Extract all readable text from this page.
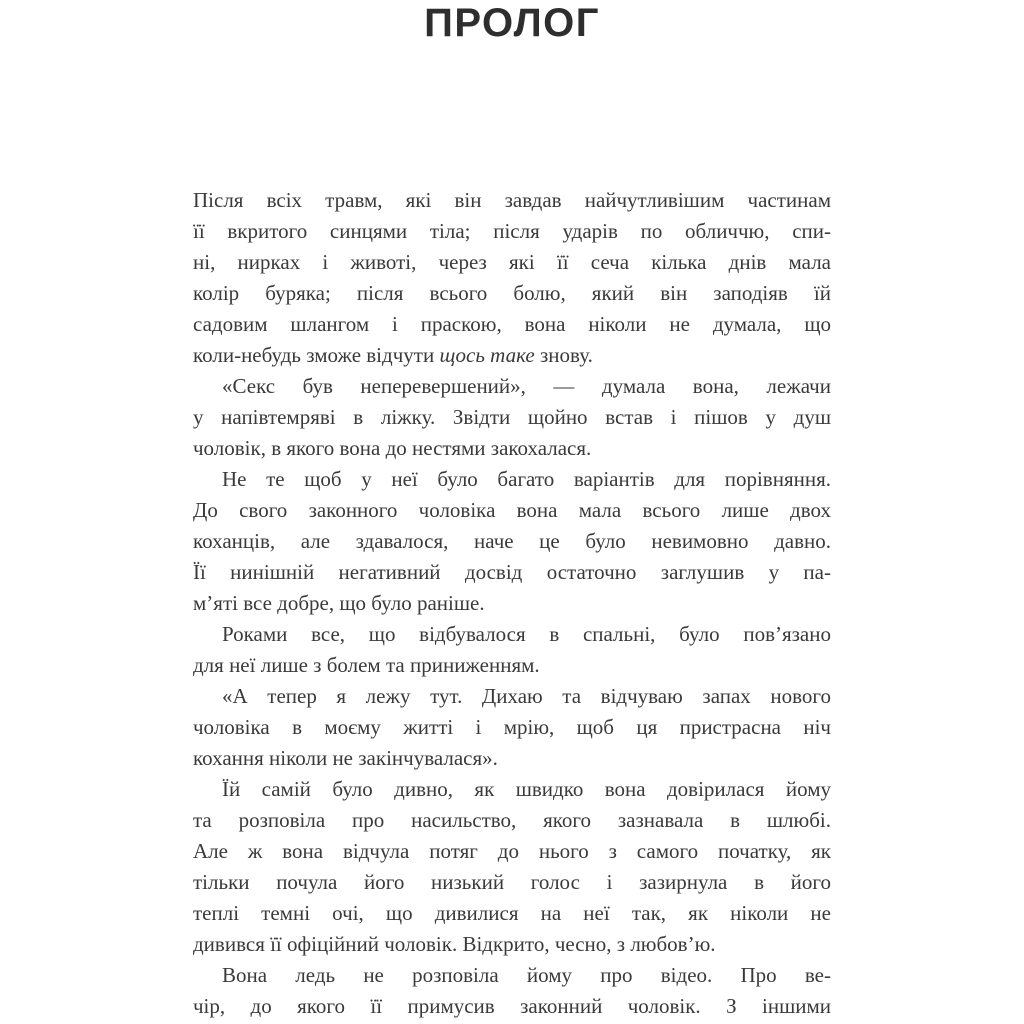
ПРОЛОГ
Після всіх травм, які він завдав найчутливішим частинам
її вкритого синцями тіла; після ударів по обличчю, спи-
ні, нирках і животі, через які її сеча кілька днів мала
колір буряка; після всього болю, який він заподіяв їй
садовим шлангом і праскою, вона ніколи не думала, що
коли-небудь зможе відчути щось таке знову.
«Секс був неперевершений», — думала вона, лежачи
у напівтемряві в ліжку. Звідти щойно встав і пішов у душ
чоловік, в якого вона до нестями закохалася.
Не те щоб у неї було багато варіантів для порівняння.
До свого законного чоловіка вона мала всього лише двох
коханців, але здавалося, наче це було невимовно давно.
Її нинішній негативний досвід остаточно заглушив у па-
м’яті все добре, що було раніше.
Роками все, що відбувалося в спальні, було пов’язано
для неї лише з болем та приниженням.
«А тепер я лежу тут. Дихаю та відчуваю запах нового
чоловіка в моєму житті і мрію, щоб ця пристрасна ніч
кохання ніколи не закінчувалася».
Їй самій було дивно, як швидко вона довірилася йому
та розповіла про насильство, якого зазнавала в шлюбі.
Але ж вона відчула потяг до нього з самого початку, як
тільки почула його низький голос і зазирнула в його
теплі темні очі, що дивилися на неї так, як ніколи не
дивився її офіційний чоловік. Відкрито, чесно, з любов’ю.
Вона ледь не розповіла йому про відео. Про ве-
чір, до якого її примусив законний чоловік. З іншими
